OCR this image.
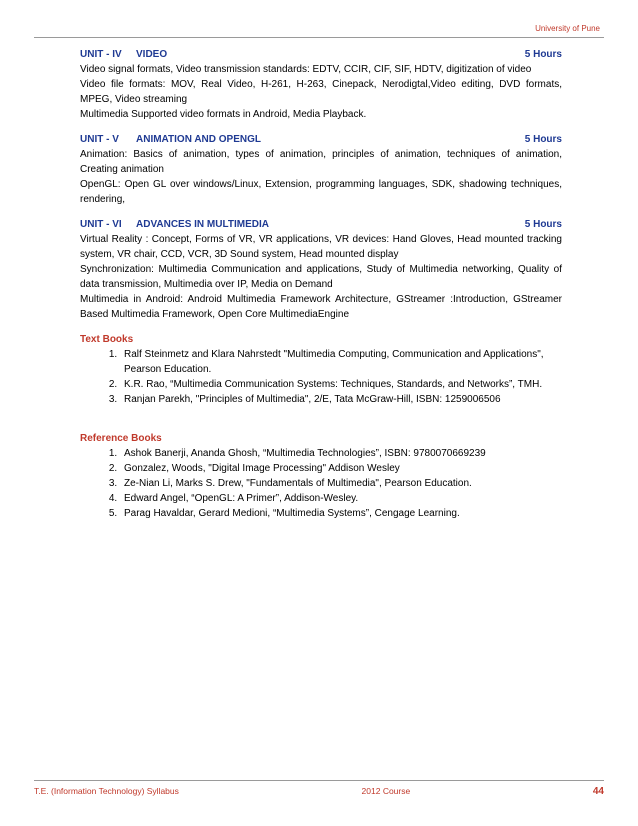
University of Pune
UNIT - IV	VIDEO	5 Hours

Video signal formats, Video transmission standards: EDTV, CCIR, CIF, SIF, HDTV, digitization of video

Video file formats: MOV, Real Video, H-261, H-263, Cinepack, Nerodigtal,Video editing, DVD formats, MPEG, Video streaming

Multimedia Supported video formats in Android, Media Playback.

UNIT - V	ANIMATION AND OPENGL	5 Hours

Animation: Basics of animation, types of animation, principles of animation, techniques of animation, Creating animation

OpenGL: Open GL over windows/Linux, Extension, programming languages, SDK, shadowing techniques, rendering,

UNIT - VI	ADVANCES IN MULTIMEDIA	5 Hours

Virtual Reality : Concept, Forms of VR, VR applications, VR devices: Hand Gloves, Head mounted tracking system, VR chair, CCD, VCR, 3D Sound system, Head mounted display

Synchronization: Multimedia Communication and applications, Study of Multimedia networking, Quality of data transmission, Multimedia over IP, Media on Demand

Multimedia in Android: Android Multimedia Framework Architecture, GStreamer :Introduction, GStreamer Based Multimedia Framework, Open Core MultimediaEngine

Text Books
1. Ralf Steinmetz and Klara Nahrstedt "Multimedia Computing, Communication and Applications", Pearson Education.
2. K.R. Rao, “Multimedia Communication Systems: Techniques, Standards, and Networks”, TMH.
3. Ranjan Parekh, "Principles of Multimedia", 2/E, Tata McGraw-Hill, ISBN: 1259006506
Reference Books
1. Ashok Banerji, Ananda Ghosh, “Multimedia Technologies”, ISBN: 9780070669239
2. Gonzalez, Woods, "Digital Image Processing" Addison Wesley
3. Ze-Nian Li, Marks S. Drew, "Fundamentals of Multimedia", Pearson Education.
4. Edward Angel, “OpenGL: A Primer”, Addison-Wesley.
5. Parag Havaldar, Gerard Medioni, “Multimedia Systems”, Cengage Learning.
T.E. (Information Technology) Syllabus	2012 Course	44
